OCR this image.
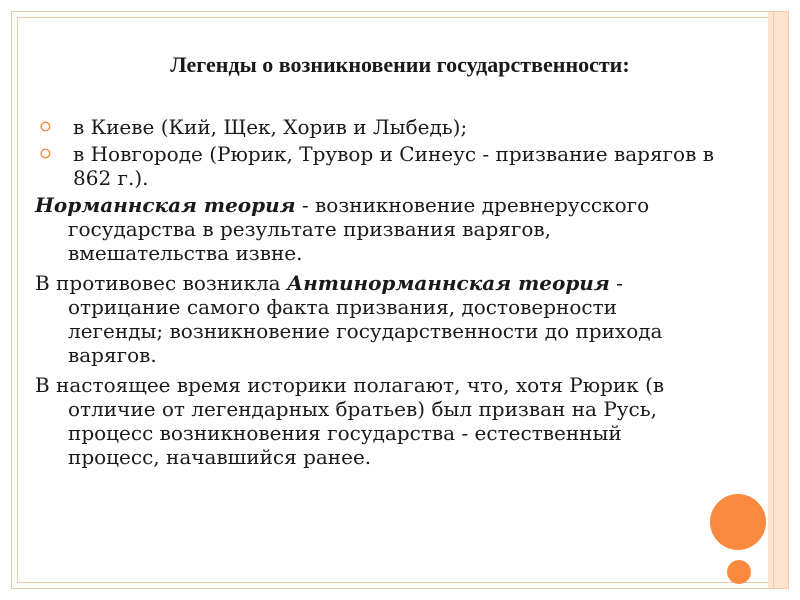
Легенды о возникновении государственности:
в Киеве (Кий, Щек, Хорив и Лыбедь);
в Новгороде (Рюрик, Трувор и Синеус - призвание варягов в 862 г.).
Норманнская теория - возникновение древнерусского государства в результате призвания варягов, вмешательства извне.
В противовес возникла Антинорманнская теория - отрицание самого факта призвания, достоверности легенды; возникновение государственности до прихода варягов.
В настоящее время историки полагают, что, хотя Рюрик (в отличие от легендарных братьев) был призван на Русь, процесс возникновения государства - естественный процесс, начавшийся ранее.
